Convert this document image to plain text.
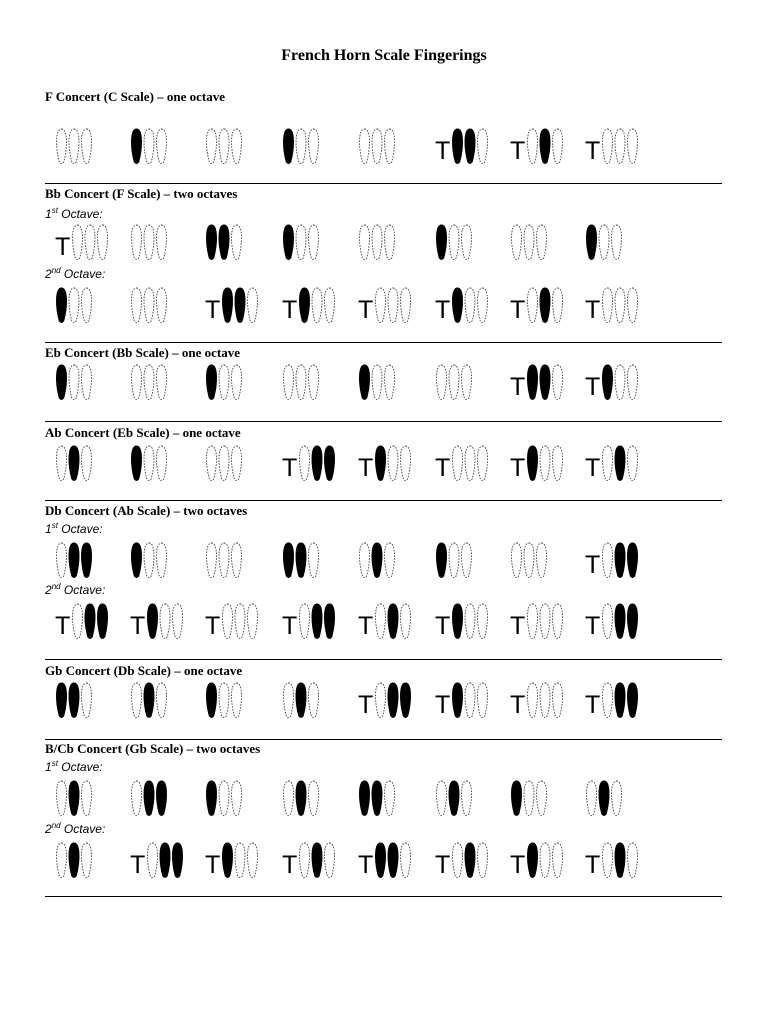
French Horn Scale Fingerings
F Concert (C Scale) – one octave
T T T
Bb Concert (F Scale) – two octaves
1st Octave:
T
2nd Octave:
T T T T T T
Eb Concert (Bb Scale) – one octave
T T
Ab Concert (Eb Scale) – one octave
T T T T T
Db Concert (Ab Scale) – two octaves
1st Octave:
T
2nd Octave:
T T T T T T T T
Gb Concert (Db Scale) – one octave
T T T T
B/Cb Concert (Gb Scale) – two octaves
1st Octave:
2nd Octave:
T T T T T T T
